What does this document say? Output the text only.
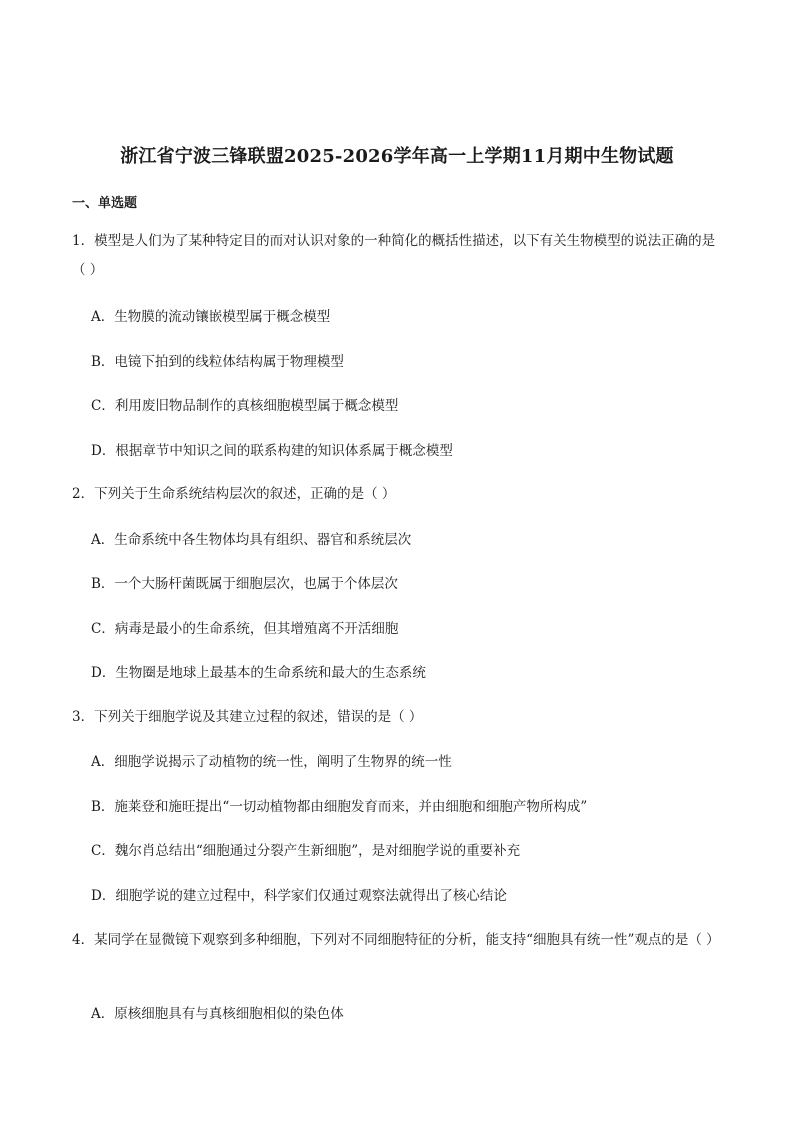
浙江省宁波三锋联盟2025-2026学年高一上学期11月期中生物试题
一、单选题
1．模型是人们为了某种特定目的而对认识对象的一种简化的概括性描述，以下有关生物模型的说法正确的是（ ）
A．生物膜的流动镶嵌模型属于概念模型
B．电镜下拍到的线粒体结构属于物理模型
C．利用废旧物品制作的真核细胞模型属于概念模型
D．根据章节中知识之间的联系构建的知识体系属于概念模型
2．下列关于生命系统结构层次的叙述，正确的是（ ）
A．生命系统中各生物体均具有组织、器官和系统层次
B．一个大肠杆菌既属于细胞层次，也属于个体层次
C．病毒是最小的生命系统，但其增殖离不开活细胞
D．生物圈是地球上最基本的生命系统和最大的生态系统
3．下列关于细胞学说及其建立过程的叙述，错误的是（ ）
A．细胞学说揭示了动植物的统一性，阐明了生物界的统一性
B．施莱登和施旺提出“一切动植物都由细胞发育而来，并由细胞和细胞产物所构成”
C．魏尔肖总结出“细胞通过分裂产生新细胞”，是对细胞学说的重要补充
D．细胞学说的建立过程中，科学家们仅通过观察法就得出了核心结论
4．某同学在显微镜下观察到多种细胞，下列对不同细胞特征的分析，能支持“细胞具有统一性”观点的是（ ）
A．原核细胞具有与真核细胞相似的染色体
